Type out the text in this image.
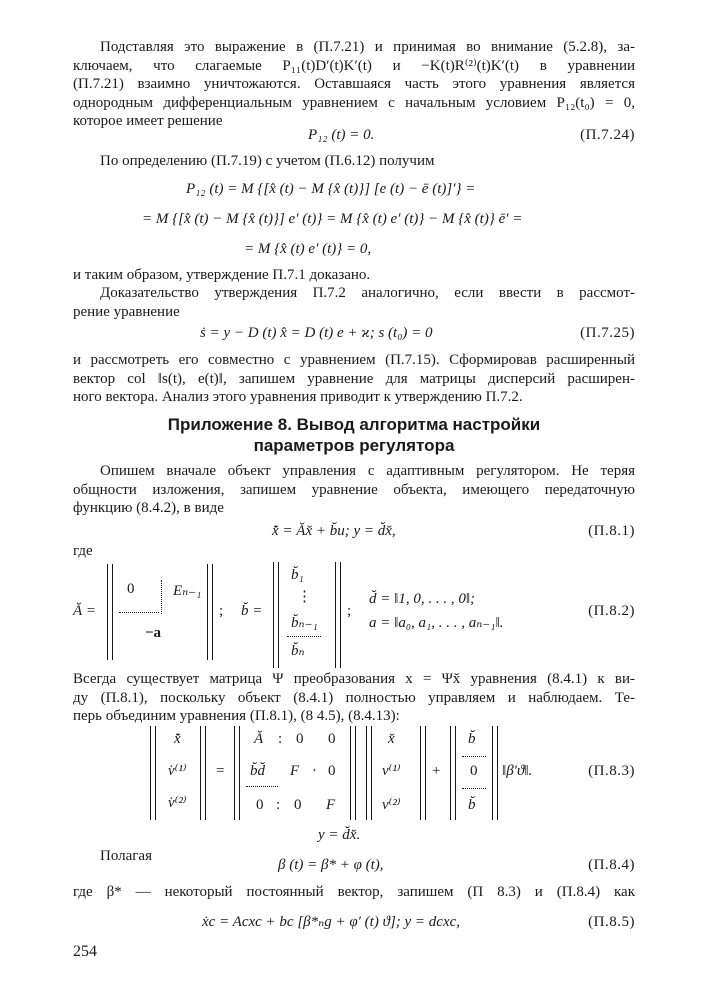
Подставляя это выражение в (П.7.21) и принимая во внимание (5.2.8), за-
ключаем, что слагаемые P₁₁(t)D′(t)K′(t) и −K(t)R⁽²⁾(t)K′(t) в уравнении
(П.7.21) взаимно уничтожаются. Оставшаяся часть этого уравнения является
однородным дифференциальным уравнением с начальным условием P₁₂(t₀) = 0,
которое имеет решение
P₁₂ (t) = 0.	(П.7.24)
По определению (П.7.19) с учетом (П.6.12) получим
P₁₂ (t) = M {[x̂ (t) − M {x̂ (t)}] [e (t) − ē (t)]′} =
= M {[x̂ (t) − M {x̂ (t)}] e′ (t)} = M {x̂ (t) e′ (t)} − M {x̂ (t)} ē′ =
= M {x̂ (t) e′ (t)} = 0,
и таким образом, утверждение П.7.1 доказано.
Доказательство утверждения П.7.2 аналогично, если ввести в рассмот-
рение уравнение
ṡ = y − D (t) x̂ = D (t) e + ϰ; s (t₀) = 0	(П.7.25)
и рассмотреть его совместно с уравнением (П.7.15). Сформировав расширенный
вектор col ‖s(t), e(t)‖, запишем уравнение для матрицы дисперсий расширен-
ного вектора. Анализ этого уравнения приводит к утверждению П.7.2.
Приложение 8. Вывод алгоритма настройки
параметров регулятора
Опишем вначале объект управления с адаптивным регулятором. Не теряя
общности изложения, запишем уравнение объекта, имеющего передаточную
функцию (8.4.2), в виде
x̆̇ = Ăx̆ + b̆u; y = d̆x̆,	(П.8.1)
где
Ă =
0	Eₙ₋₁
−a
; b̆ =
b̆₁
⋮
b̆ₙ₋₁
b̆ₙ
;
d̆ = ‖1, 0, . . . , 0‖;
a = ‖a₀, a₁, . . . , aₙ₋₁‖.
(П.8.2)
Всегда существует матрица Ψ преобразования x = Ψx̆ уравнения (8.4.1) к ви-
ду (П.8.1), поскольку объект (8.4.1) полностью управляем и наблюдаем. Те-
перь объединим уравнения (П.8.1), (8 4.5), (8.4.13):
x̆̇
v̇⁽¹⁾
v̇⁽²⁾
=
Ă : 0 0
b̆d̆ F · 0
0 : 0 F
x̆
v⁽¹⁾
v⁽²⁾
+
b̆
0
b̆
‖β′ϑ‖.	(П.8.3)
y = d̆x̆.
Полагая
β (t) = β* + φ (t),	(П.8.4)
где β* — некоторый постоянный вектор, запишем (П 8.3) и (П.8.4) как
ẋc = Acxc + bc [β*ₙg + φ′ (t) ϑ]; y = dcxc,	(П.8.5)
254
